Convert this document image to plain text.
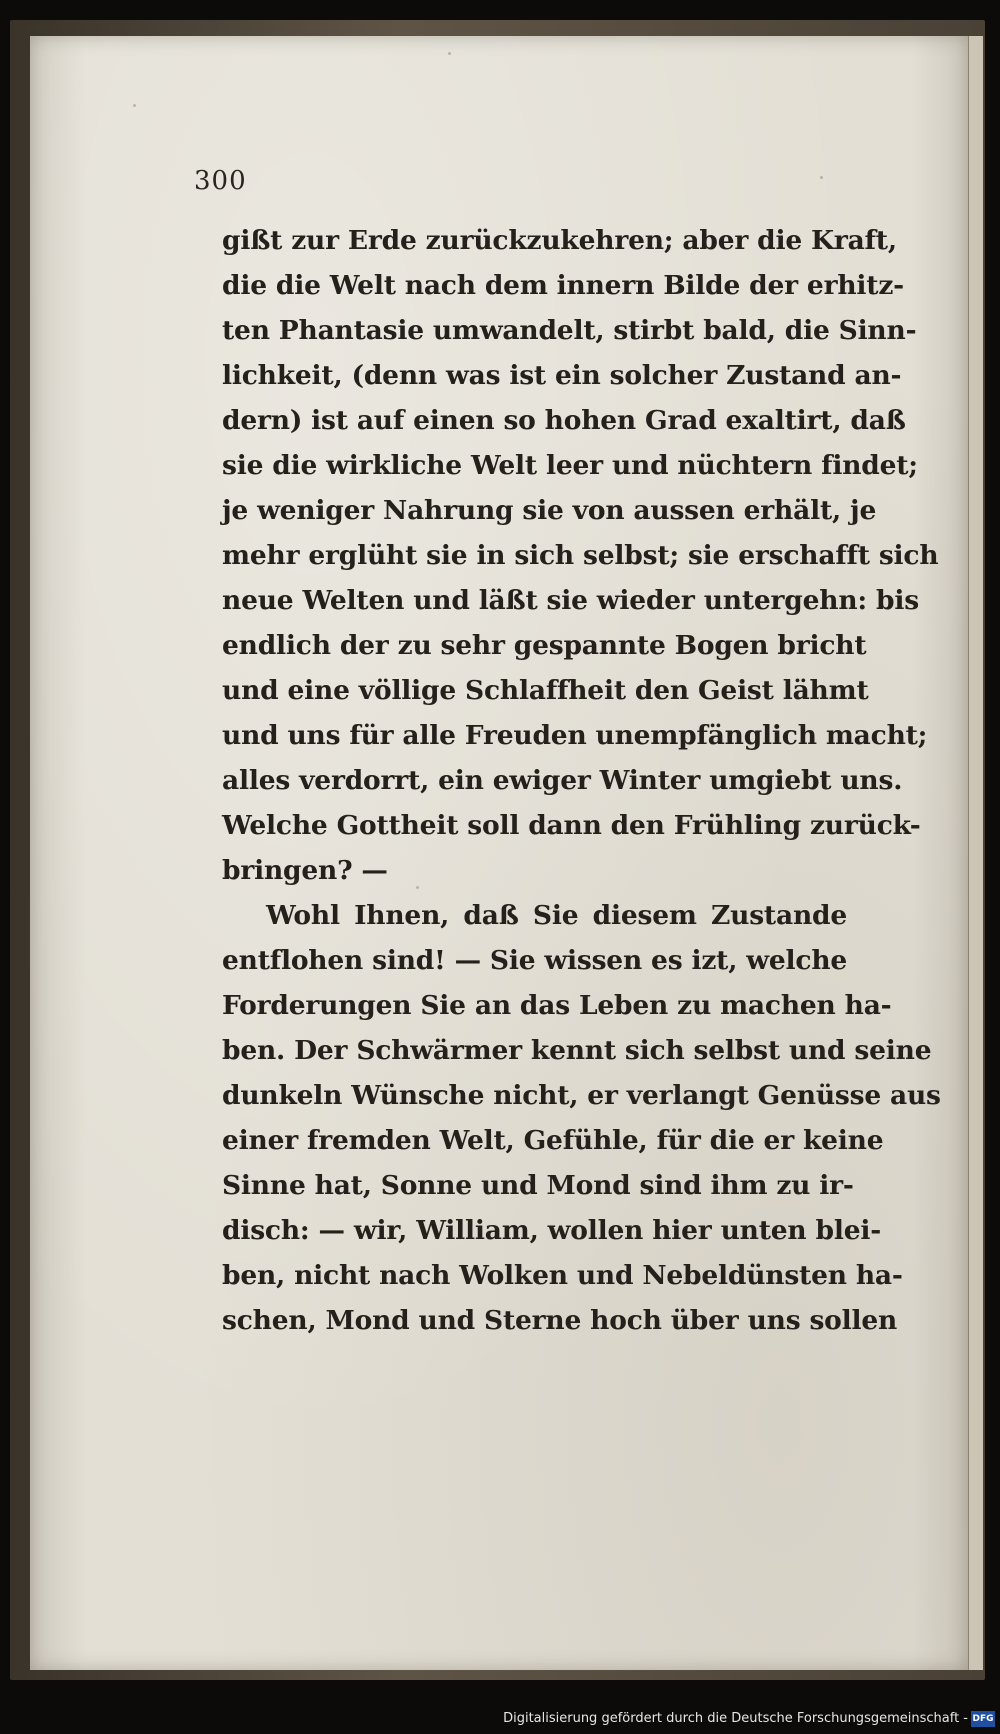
300
gißt zur Erde zurückzukehren; aber die Kraft,
die die Welt nach dem innern Bilde der erhitz-
ten Phantasie umwandelt, stirbt bald, die Sinn-
lichkeit, (denn was ist ein solcher Zustand an-
dern) ist auf einen so hohen Grad exaltirt, daß
sie die wirkliche Welt leer und nüchtern findet;
je weniger Nahrung sie von aussen erhält, je
mehr erglüht sie in sich selbst; sie erschafft sich
neue Welten und läßt sie wieder untergehn: bis
endlich der zu sehr gespannte Bogen bricht
und eine völlige Schlaffheit den Geist lähmt
und uns für alle Freuden unempfänglich macht;
alles verdorrt, ein ewiger Winter umgiebt uns.
Welche Gottheit soll dann den Frühling zurück-
bringen? —
Wohl Ihnen, daß Sie diesem Zustande
entflohen sind! — Sie wissen es izt, welche
Forderungen Sie an das Leben zu machen ha-
ben. Der Schwärmer kennt sich selbst und seine
dunkeln Wünsche nicht, er verlangt Genüsse aus
einer fremden Welt, Gefühle, für die er keine
Sinne hat, Sonne und Mond sind ihm zu ir-
disch: — wir, William, wollen hier unten blei-
ben, nicht nach Wolken und Nebeldünsten ha-
schen, Mond und Sterne hoch über uns sollen
Digitalisierung gefördert durch die Deutsche Forschungsgemeinschaft - DFG
